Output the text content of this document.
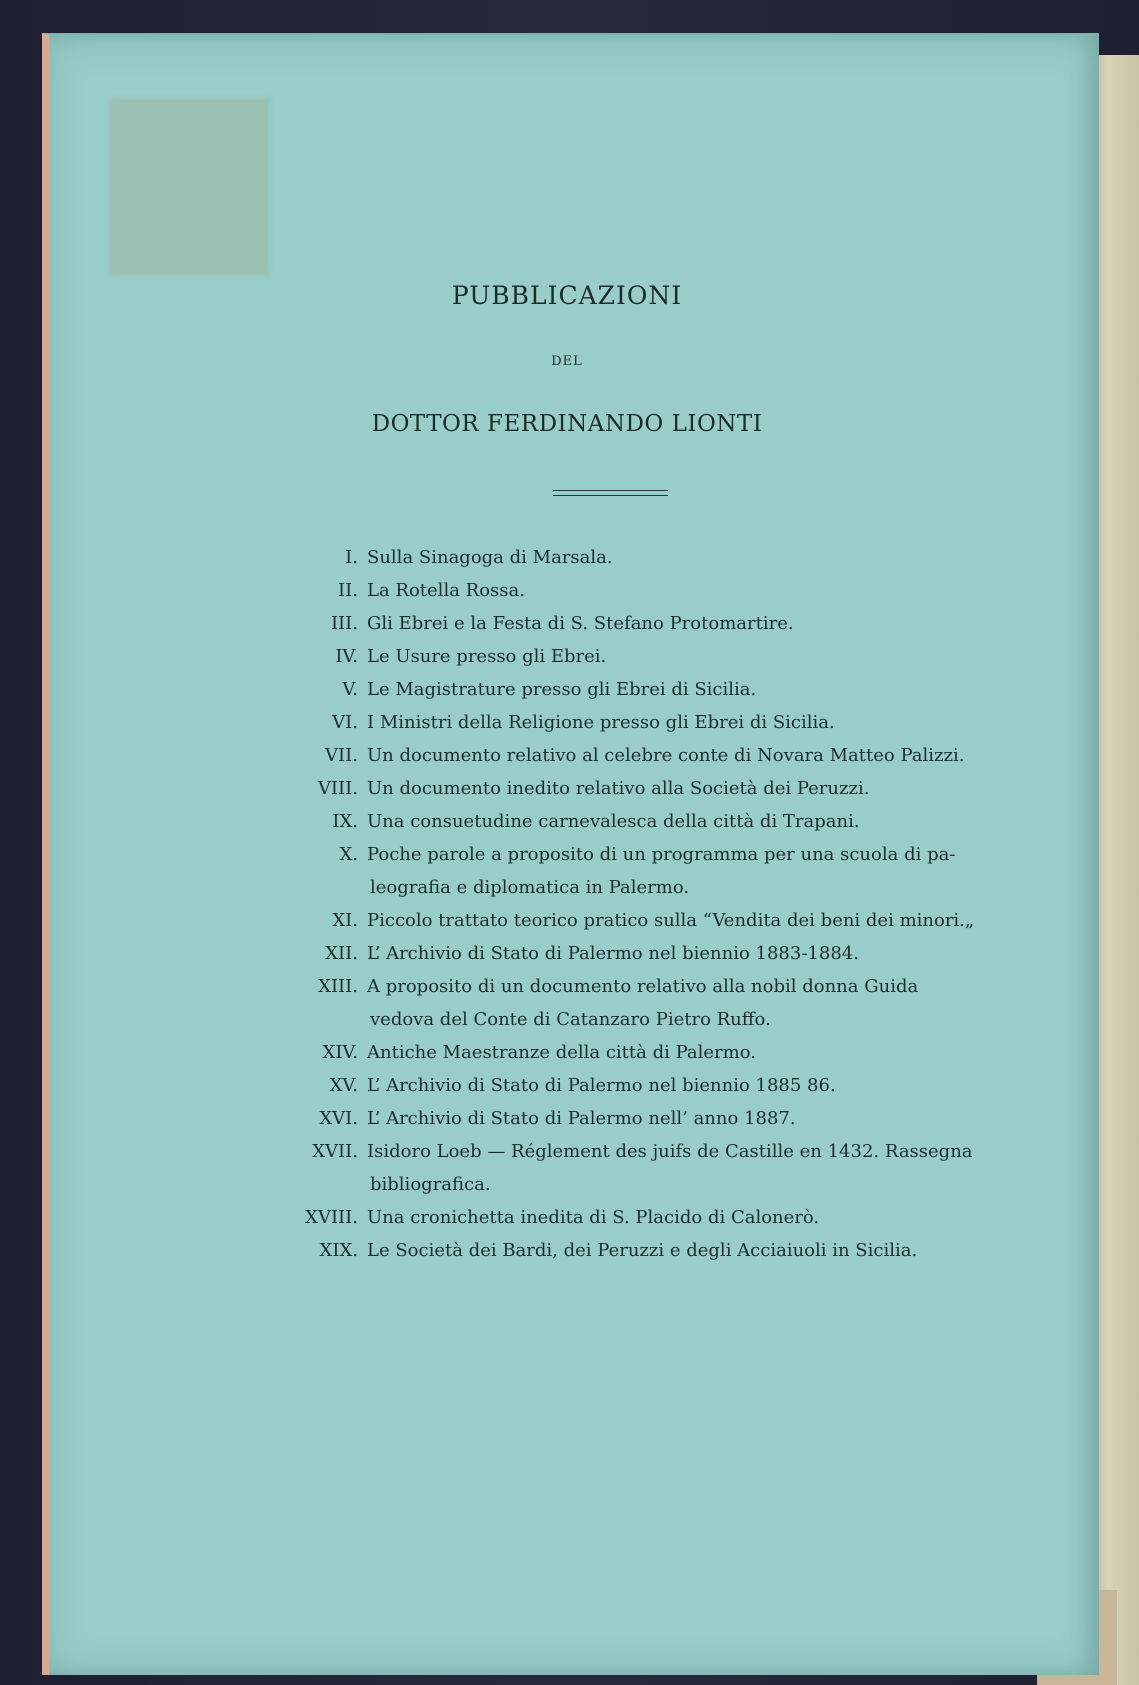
PUBBLICAZIONI
DEL
DOTTOR FERDINANDO LIONTI
I. Sulla Sinagoga di Marsala.
II. La Rotella Rossa.
III. Gli Ebrei e la Festa di S. Stefano Protomartire.
IV. Le Usure presso gli Ebrei.
V. Le Magistrature presso gli Ebrei di Sicilia.
VI. I Ministri della Religione presso gli Ebrei di Sicilia.
VII. Un documento relativo al celebre conte di Novara Matteo Palizzi.
VIII. Un documento inedito relativo alla Società dei Peruzzi.
IX. Una consuetudine carnevalesca della città di Trapani.
X. Poche parole a proposito di un programma per una scuola di pa-
leografia e diplomatica in Palermo.
XI. Piccolo trattato teorico pratico sulla “Vendita dei beni dei minori.„
XII. L’ Archivio di Stato di Palermo nel biennio 1883-1884.
XIII. A proposito di un documento relativo alla nobil donna Guida
vedova del Conte di Catanzaro Pietro Ruffo.
XIV. Antiche Maestranze della città di Palermo.
XV. L’ Archivio di Stato di Palermo nel biennio 1885 86.
XVI. L’ Archivio di Stato di Palermo nell’ anno 1887.
XVII. Isidoro Loeb — Réglement des juifs de Castille en 1432. Rassegna
bibliografica.
XVIII. Una cronichetta inedita di S. Placido di Calonerò.
XIX. Le Società dei Bardi, dei Peruzzi e degli Acciaiuoli in Sicilia.
